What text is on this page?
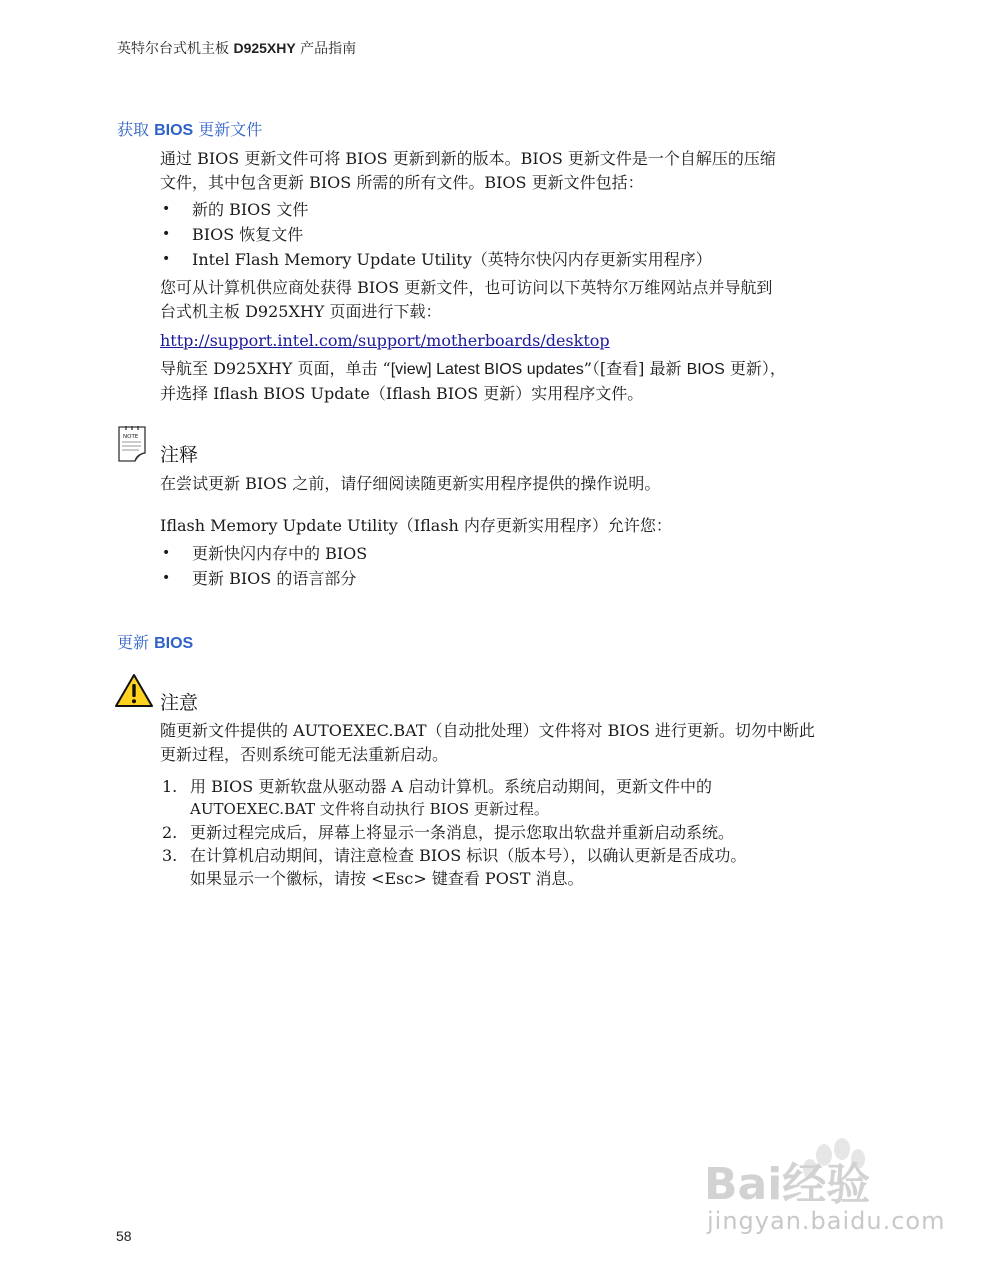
英特尔台式机主板 D925XHY 产品指南
获取 BIOS 更新文件
通过 BIOS 更新文件可将 BIOS 更新到新的版本。BIOS 更新文件是一个自解压的压缩
文件，其中包含更新 BIOS 所需的所有文件。BIOS 更新文件包括：
• 新的 BIOS 文件
• BIOS 恢复文件
• Intel Flash Memory Update Utility（英特尔快闪内存更新实用程序）
您可从计算机供应商处获得 BIOS 更新文件，也可访问以下英特尔万维网站点并导航到
台式机主板 D925XHY 页面进行下载：
http://support.intel.com/support/motherboards/desktop
导航至 D925XHY 页面，单击 “[view] Latest BIOS updates”（[查看] 最新 BIOS 更新），
并选择 Iflash BIOS Update（Iflash BIOS 更新）实用程序文件。
NOTE
注释
在尝试更新 BIOS 之前，请仔细阅读随更新实用程序提供的操作说明。
Iflash Memory Update Utility（Iflash 内存更新实用程序）允许您：
• 更新快闪内存中的 BIOS
• 更新 BIOS 的语言部分
更新 BIOS
注意
随更新文件提供的 AUTOEXEC.BAT（自动批处理）文件将对 BIOS 进行更新。切勿中断此
更新过程，否则系统可能无法重新启动。
1. 用 BIOS 更新软盘从驱动器 A 启动计算机。系统启动期间，更新文件中的
AUTOEXEC.BAT 文件将自动执行 BIOS 更新过程。
2. 更新过程完成后，屏幕上将显示一条消息，提示您取出软盘并重新启动系统。
3. 在计算机启动期间，请注意检查 BIOS 标识（版本号），以确认更新是否成功。
如果显示一个徽标，请按 <Esc> 键查看 POST 消息。
Bai经验
jingyan.baidu.com
58
